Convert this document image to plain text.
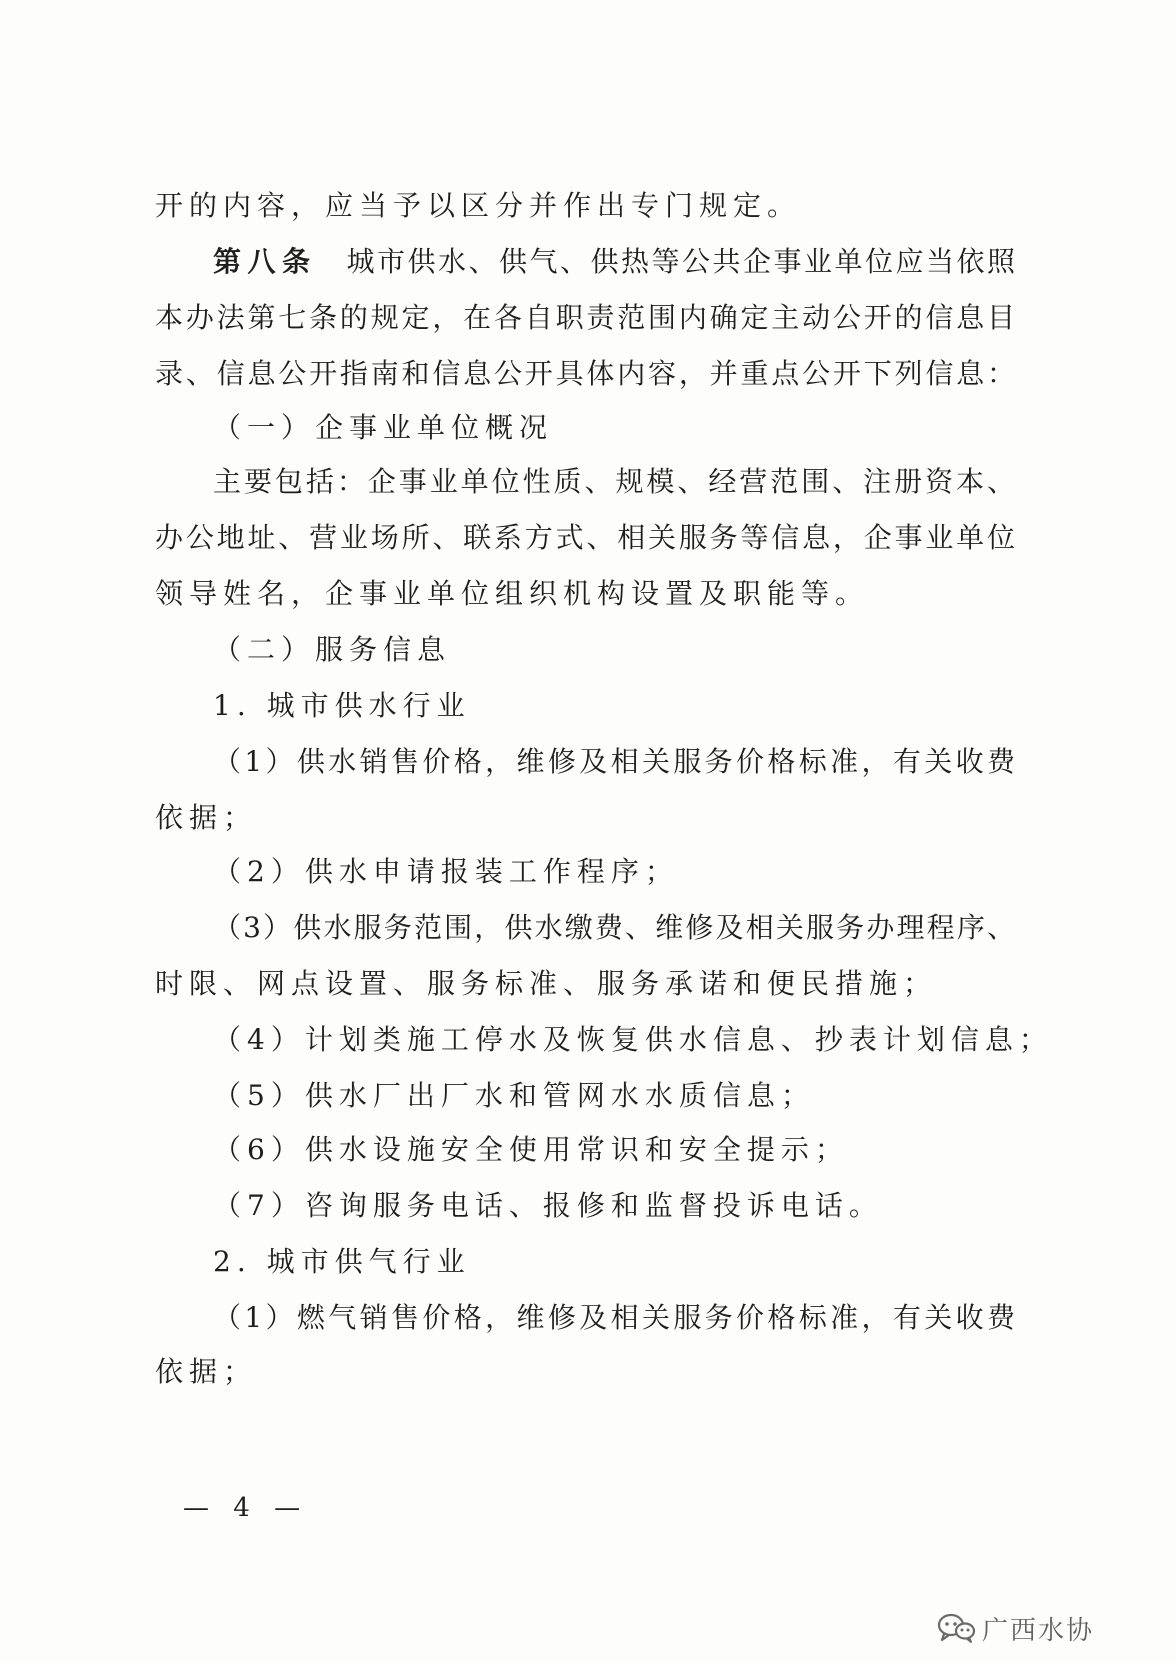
开的内容，应当予以区分并作出专门规定。
第八条 城市供水、供气、供热等公共企事业单位应当依照
本办法第七条的规定，在各自职责范围内确定主动公开的信息目
录、信息公开指南和信息公开具体内容，并重点公开下列信息：
（一）企事业单位概况
主要包括：企事业单位性质、规模、经营范围、注册资本、
办公地址、营业场所、联系方式、相关服务等信息，企事业单位
领导姓名，企事业单位组织机构设置及职能等。
（二）服务信息
1. 城市供水行业
（1）供水销售价格，维修及相关服务价格标准，有关收费
依据；
（2）供水申请报装工作程序；
（3）供水服务范围，供水缴费、维修及相关服务办理程序、
时限、网点设置、服务标准、服务承诺和便民措施；
（4）计划类施工停水及恢复供水信息、抄表计划信息；
（5）供水厂出厂水和管网水水质信息；
（6）供水设施安全使用常识和安全提示；
（7）咨询服务电话、报修和监督投诉电话。
2. 城市供气行业
（1）燃气销售价格，维修及相关服务价格标准，有关收费
依据；
— 4 —
广西水协
